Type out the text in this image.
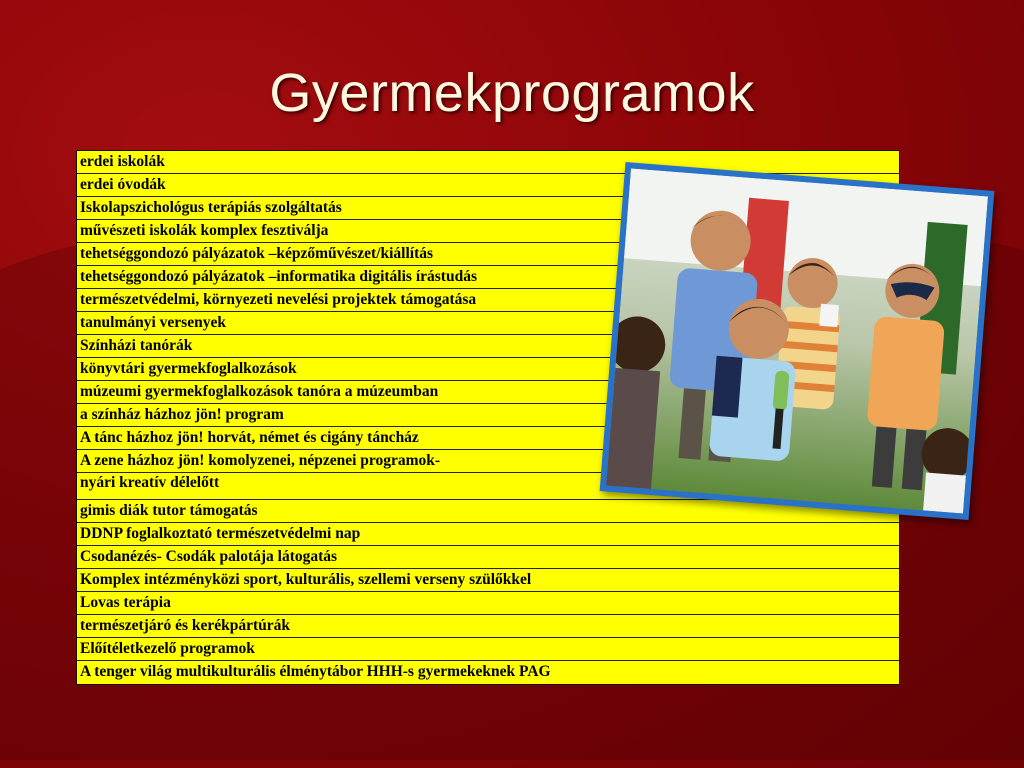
Gyermekprogramok
erdei iskolák
erdei óvodák
Iskolapszichológus terápiás szolgáltatás
művészeti iskolák komplex fesztiválja
tehetséggondozó pályázatok –képzőművészet/kiállítás
tehetséggondozó pályázatok –informatika digitális írástudás
természetvédelmi, környezeti nevelési projektek támogatása
tanulmányi versenyek
Színházi tanórák
könyvtári gyermekfoglalkozások
múzeumi gyermekfoglalkozások tanóra a múzeumban
a színház házhoz jön! program
A tánc házhoz jön! horvát, német és cigány táncház
A zene házhoz jön! komolyzenei, népzenei programok-
nyári kreatív délelőtt
gimis diák tutor támogatás
DDNP foglalkoztató természetvédelmi nap
Csodanézés- Csodák palotája látogatás
Komplex intézményközi sport, kulturális, szellemi verseny szülőkkel
Lovas terápia
természetjáró és kerékpártúrák
Előítéletkezelő programok
A tenger világ multikulturális élménytábor HHH-s gyermekeknek PAG
